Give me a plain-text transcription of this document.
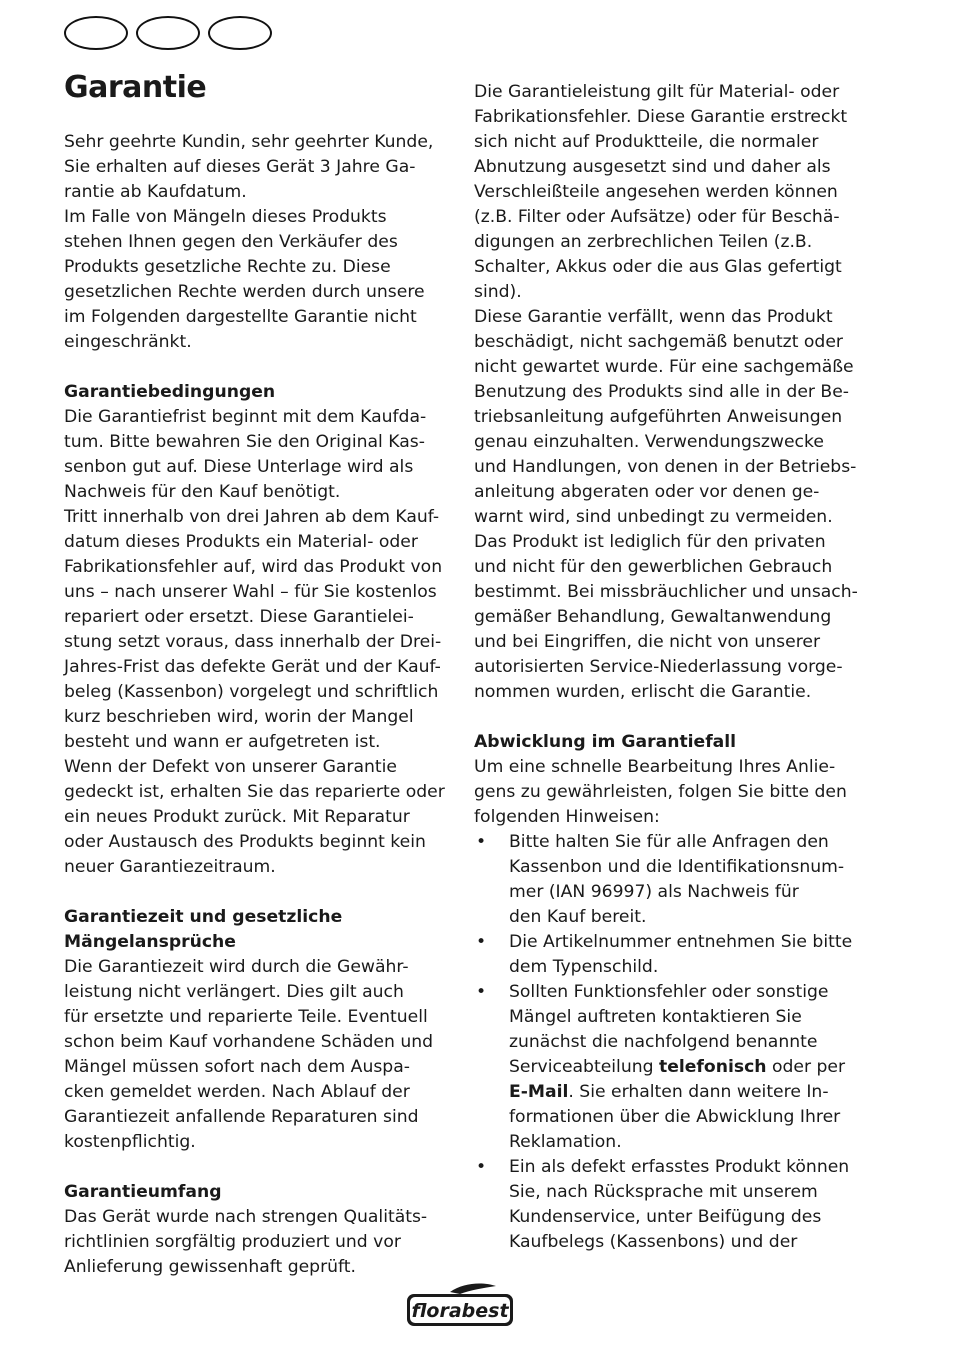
Garantie

Sehr geehrte Kundin, sehr geehrter Kunde,

Sie erhalten auf dieses Gerät 3 Jahre Ga-

rantie ab Kaufdatum.

Im Falle von Mängeln dieses Produkts

stehen Ihnen gegen den Verkäufer des

Produkts gesetzliche Rechte zu. Diese

gesetzlichen Rechte werden durch unsere

im Folgenden dargestellte Garantie nicht

eingeschränkt.

Garantiebedingungen

Die Garantiefrist beginnt mit dem Kaufda-

tum. Bitte bewahren Sie den Original Kas-

senbon gut auf. Diese Unterlage wird als

Nachweis für den Kauf benötigt.

Tritt innerhalb von drei Jahren ab dem Kauf-

datum dieses Produkts ein Material- oder

Fabrikationsfehler auf, wird das Produkt von

uns – nach unserer Wahl – für Sie kostenlos

repariert oder ersetzt. Diese Garantielei-

stung setzt voraus, dass innerhalb der Drei-

Jahres-Frist das defekte Gerät und der Kauf-

beleg (Kassenbon) vorgelegt und schriftlich

kurz beschrieben wird, worin der Mangel

besteht und wann er aufgetreten ist.

Wenn der Defekt von unserer Garantie

gedeckt ist, erhalten Sie das reparierte oder

ein neues Produkt zurück. Mit Reparatur

oder Austausch des Produkts beginnt kein

neuer Garantiezeitraum.

Garantiezeit und gesetzliche

Mängelansprüche

Die Garantiezeit wird durch die Gewähr-

leistung nicht verlängert. Dies gilt auch

für ersetzte und reparierte Teile. Eventuell

schon beim Kauf vorhandene Schäden und

Mängel müssen sofort nach dem Auspa-

cken gemeldet werden. Nach Ablauf der

Garantiezeit anfallende Reparaturen sind

kostenpflichtig.

Garantieumfang

Das Gerät wurde nach strengen Qualitäts-

richtlinien sorgfältig produziert und vor

Anlieferung gewissenhaft geprüft.

Die Garantieleistung gilt für Material- oder

Fabrikationsfehler. Diese Garantie erstreckt

sich nicht auf Produktteile, die normaler

Abnutzung ausgesetzt sind und daher als

Verschleißteile angesehen werden können

(z.B. Filter oder Aufsätze) oder für Beschä-

digungen an zerbrechlichen Teilen (z.B.

Schalter, Akkus oder die aus Glas gefertigt

sind).

Diese Garantie verfällt, wenn das Produkt

beschädigt, nicht sachgemäß benutzt oder

nicht gewartet wurde. Für eine sachgemäße

Benutzung des Produkts sind alle in der Be-

triebsanleitung aufgeführten Anweisungen

genau einzuhalten. Verwendungszwecke

und Handlungen, von denen in der Betriebs-

anleitung abgeraten oder vor denen ge-

warnt wird, sind unbedingt zu vermeiden.

Das Produkt ist lediglich für den privaten

und nicht für den gewerblichen Gebrauch

bestimmt. Bei missbräuchlicher und unsach-

gemäßer Behandlung, Gewaltanwendung

und bei Eingriffen, die nicht von unserer

autorisierten Service-Niederlassung vorge-

nommen wurden, erlischt die Garantie.

Abwicklung im Garantiefall

Um eine schnelle Bearbeitung Ihres Anlie-

gens zu gewährleisten, folgen Sie bitte den

folgenden Hinweisen:

• Bitte halten Sie für alle Anfragen den
Kassenbon und die Identifikationsnum-
mer (IAN 96997) als Nachweis für
den Kauf bereit.
• Die Artikelnummer entnehmen Sie bitte
dem Typenschild.
• Sollten Funktionsfehler oder sonstige
Mängel auftreten kontaktieren Sie
zunächst die nachfolgend benannte
Serviceabteilung telefonisch oder per
E-Mail. Sie erhalten dann weitere In-
formationen über die Abwicklung Ihrer
Reklamation.
• Ein als defekt erfasstes Produkt können
Sie, nach Rücksprache mit unserem
Kundenservice, unter Beifügung des
Kaufbelegs (Kassenbons) und der
florabest
